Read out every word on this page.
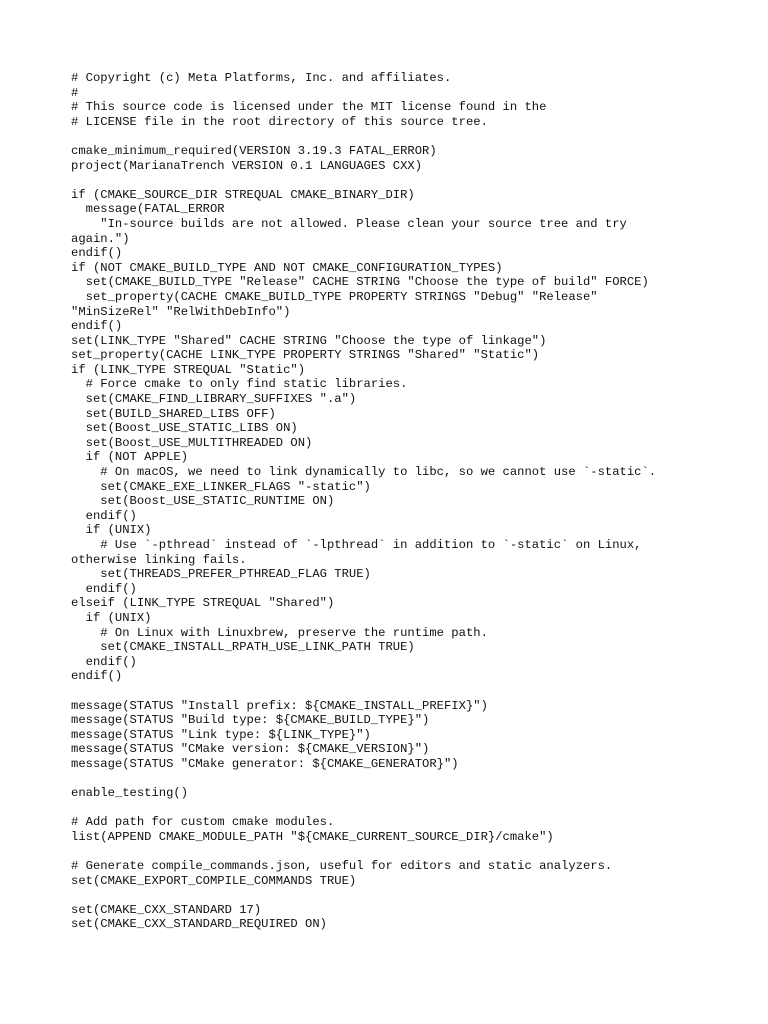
# Copyright (c) Meta Platforms, Inc. and affiliates.
#
# This source code is licensed under the MIT license found in the
# LICENSE file in the root directory of this source tree.
cmake_minimum_required(VERSION 3.19.3 FATAL_ERROR)
project(MarianaTrench VERSION 0.1 LANGUAGES CXX)
if (CMAKE_SOURCE_DIR STREQUAL CMAKE_BINARY_DIR)
message(FATAL_ERROR
"In-source builds are not allowed. Please clean your source tree and try
again.")
endif()
if (NOT CMAKE_BUILD_TYPE AND NOT CMAKE_CONFIGURATION_TYPES)
set(CMAKE_BUILD_TYPE "Release" CACHE STRING "Choose the type of build" FORCE)
set_property(CACHE CMAKE_BUILD_TYPE PROPERTY STRINGS "Debug" "Release"
"MinSizeRel" "RelWithDebInfo")
endif()
set(LINK_TYPE "Shared" CACHE STRING "Choose the type of linkage")
set_property(CACHE LINK_TYPE PROPERTY STRINGS "Shared" "Static")
if (LINK_TYPE STREQUAL "Static")
# Force cmake to only find static libraries.
set(CMAKE_FIND_LIBRARY_SUFFIXES ".a")
set(BUILD_SHARED_LIBS OFF)
set(Boost_USE_STATIC_LIBS ON)
set(Boost_USE_MULTITHREADED ON)
if (NOT APPLE)
# On macOS, we need to link dynamically to libc, so we cannot use `-static`.
set(CMAKE_EXE_LINKER_FLAGS "-static")
set(Boost_USE_STATIC_RUNTIME ON)
endif()
if (UNIX)
# Use `-pthread` instead of `-lpthread` in addition to `-static` on Linux,
otherwise linking fails.
set(THREADS_PREFER_PTHREAD_FLAG TRUE)
endif()
elseif (LINK_TYPE STREQUAL "Shared")
if (UNIX)
# On Linux with Linuxbrew, preserve the runtime path.
set(CMAKE_INSTALL_RPATH_USE_LINK_PATH TRUE)
endif()
endif()
message(STATUS "Install prefix: ${CMAKE_INSTALL_PREFIX}")
message(STATUS "Build type: ${CMAKE_BUILD_TYPE}")
message(STATUS "Link type: ${LINK_TYPE}")
message(STATUS "CMake version: ${CMAKE_VERSION}")
message(STATUS "CMake generator: ${CMAKE_GENERATOR}")
enable_testing()
# Add path for custom cmake modules.
list(APPEND CMAKE_MODULE_PATH "${CMAKE_CURRENT_SOURCE_DIR}/cmake")
# Generate compile_commands.json, useful for editors and static analyzers.
set(CMAKE_EXPORT_COMPILE_COMMANDS TRUE)
set(CMAKE_CXX_STANDARD 17)
set(CMAKE_CXX_STANDARD_REQUIRED ON)
